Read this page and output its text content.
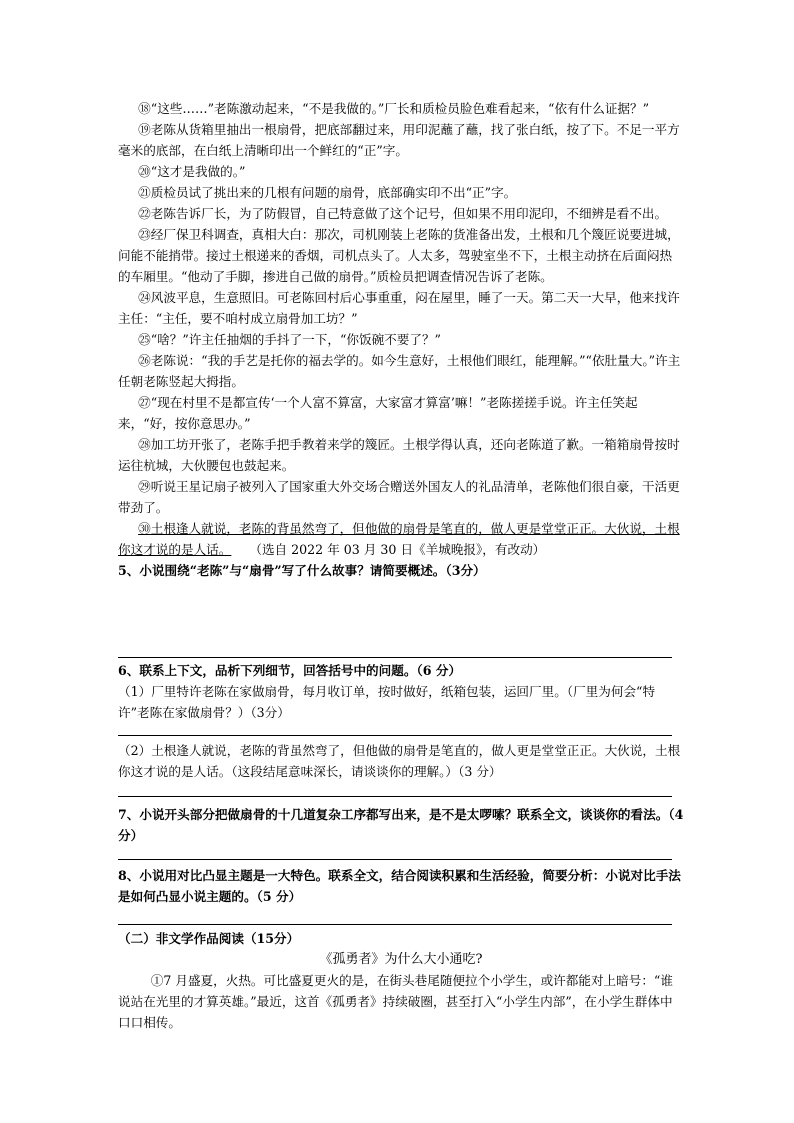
⑱“这些……”老陈激动起来，“不是我做的。”厂长和质检员脸色难看起来，“依有什么证据？”

⑲老陈从货箱里抽出一根扇骨，把底部翻过来，用印泥蘸了蘸，找了张白纸，按了下。不足一平方毫米的底部，在白纸上清晰印出一个鲜红的“正”字。

⑳“这才是我做的。”

㉑质检员试了挑出来的几根有问题的扇骨，底部确实印不出“正”字。

㉒老陈告诉厂长，为了防假冒，自己特意做了这个记号，但如果不用印泥印，不细辨是看不出。

㉓经厂保卫科调查，真相大白：那次，司机刚装上老陈的货准备出发，土根和几个篾匠说要进城，问能不能捎带。接过土根递来的香烟，司机点头了。人太多，驾驶室坐不下，土根主动挤在后面闷热的车厢里。“他动了手脚，掺进自己做的扇骨。”质检员把调查情况告诉了老陈。

㉔风波平息，生意照旧。可老陈回村后心事重重，闷在屋里，睡了一天。第二天一大早，他来找许主任：“主任，要不咱村成立扇骨加工坊？”

㉕“啥？”许主任抽烟的手抖了一下，“你饭碗不要了？”

㉖老陈说：“我的手艺是托你的福去学的。如今生意好，土根他们眼红，能理解。”“依肚量大。”许主任朝老陈竖起大拇指。

㉗“现在村里不是都宣传‘一个人富不算富，大家富才算富’嘛！”老陈搓搓手说。许主任笑起来，“好，按你意思办。”

㉘加工坊开张了，老陈手把手教着来学的篾匠。土根学得认真，还向老陈道了歉。一箱箱扇骨按时运往杭城，大伙腰包也鼓起来。

㉙听说王星记扇子被列入了国家重大外交场合赠送外国友人的礼品清单，老陈他们很自豪，干活更带劲了。

㉚土根逢人就说，老陈的背虽然弯了，但他做的扇骨是笔直的，做人更是堂堂正正。大伙说，土根你这才说的是人话。 （选自 2022 年 03 月 30 日《羊城晚报》，有改动）

5、小说围绕“老陈”与“扇骨”写了什么故事？请简要概述。（3分）

6、联系上下文，品析下列细节，回答括号中的问题。（6 分）

（1）厂里特许老陈在家做扇骨，每月收订单，按时做好，纸箱包装，运回厂里。（厂里为何会“特许”老陈在家做扇骨？）（3分）

（2）土根逢人就说，老陈的背虽然弯了，但他做的扇骨是笔直的，做人更是堂堂正正。大伙说，土根你这才说的是人话。（这段结尾意味深长，请谈谈你的理解。）（3 分）

7、小说开头部分把做扇骨的十几道复杂工序都写出来，是不是太啰嗦？联系全文，谈谈你的看法。（4 分）

8、小说用对比凸显主题是一大特色。联系全文，结合阅读积累和生活经验，简要分析：小说对比手法是如何凸显小说主题的。（5 分）

（二）非文学作品阅读（15分）

《孤勇者》为什么大小通吃?

①7 月盛夏，火热。可比盛夏更火的是，在街头巷尾随便拉个小学生，或许都能对上暗号：“谁说站在光里的才算英雄。”最近，这首《孤勇者》持续破圈，甚至打入“小学生内部”，在小学生群体中口口相传。
